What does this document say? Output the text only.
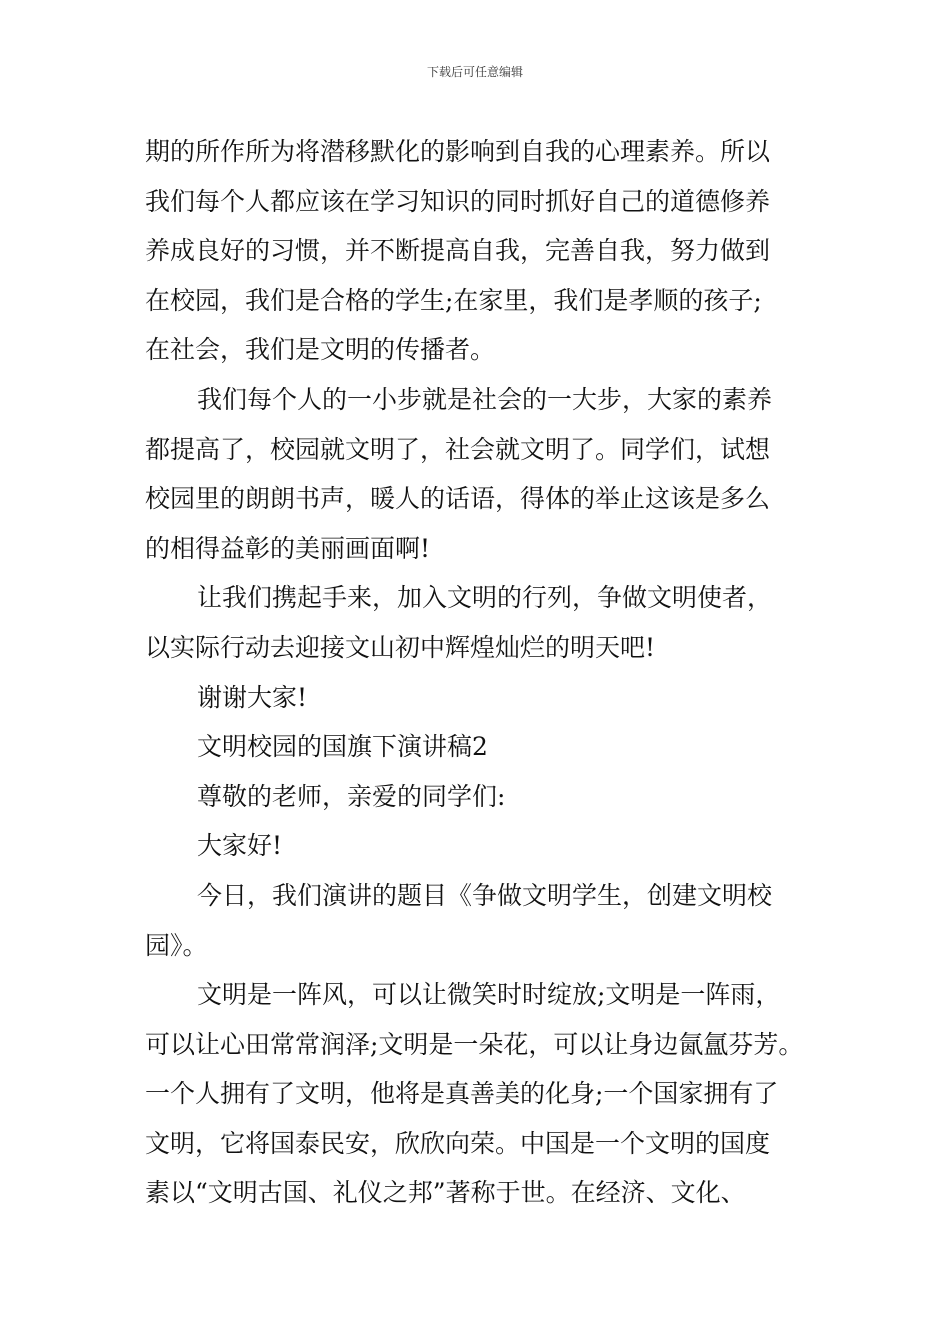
下载后可任意编辑
期的所作所为将潜移默化的影响到自我的心理素养。所以
我们每个人都应该在学习知识的同时抓好自己的道德修养
养成良好的习惯，并不断提高自我，完善自我，努力做到
在校园，我们是合格的学生;在家里，我们是孝顺的孩子;
在社会，我们是文明的传播者。
我们每个人的一小步就是社会的一大步，大家的素养
都提高了，校园就文明了，社会就文明了。同学们，试想
校园里的朗朗书声，暖人的话语，得体的举止这该是多么
的相得益彰的美丽画面啊!
让我们携起手来，加入文明的行列，争做文明使者，
以实际行动去迎接文山初中辉煌灿烂的明天吧!
谢谢大家!
文明校园的国旗下演讲稿2
尊敬的老师，亲爱的同学们:
大家好!
今日，我们演讲的题目《争做文明学生，创建文明校
园》。
文明是一阵风，可以让微笑时时绽放;文明是一阵雨，
可以让心田常常润泽;文明是一朵花，可以让身边氤氲芬芳。
一个人拥有了文明，他将是真善美的化身;一个国家拥有了
文明，它将国泰民安，欣欣向荣。中国是一个文明的国度
素以“文明古国、礼仪之邦”著称于世。在经济、文化、
